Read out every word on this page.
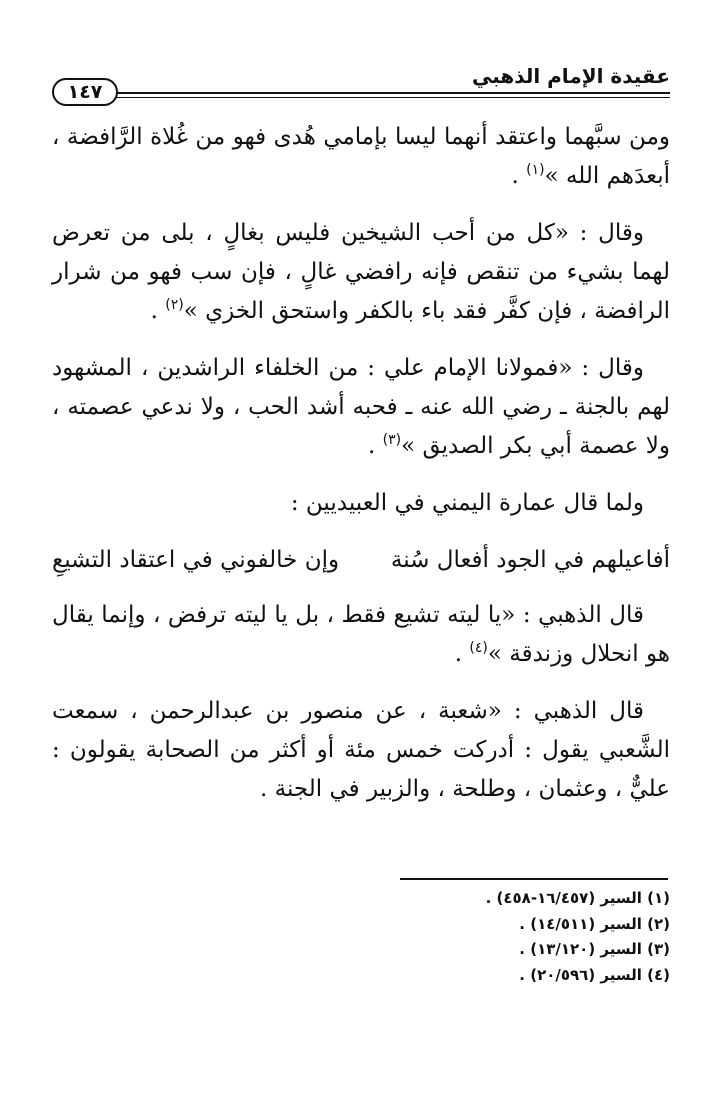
١٤٧
عقيدة الإمام الذهبي

ومن سبَّهما واعتقد أنهما ليسا بإمامي هُدى فهو من غُلاة الرَّافضة ، أبعدَهم الله »$^{(١)}$ .

وقال : «كل من أحب الشيخين فليس بغالٍ ، بلى من تعرض لهما بشيء من تنقص فإنه رافضي غالٍ ، فإن سب فهو من شرار الرافضة ، فإن كفَّر فقد باء بالكفر واستحق الخزي »$^{(٢)}$ .

وقال : «فمولانا الإمام علي : من الخلفاء الراشدين ، المشهود لهم بالجنة ـ رضي الله عنه ـ فحبه أشد الحب ، ولا ندعي عصمته ، ولا عصمة أبي بكر الصديق »$^{(٣)}$ .

ولما قال عمارة اليمني في العبيديين :

أفاعيلهم في الجود أفعال سُنة
وإن خالفوني في اعتقاد التشيعِ

قال الذهبي : «يا ليته تشيع فقط ، بل يا ليته ترفض ، وإنما يقال هو انحلال وزندقة »$^{(٤)}$ .

قال الذهبي : «شعبة ، عن منصور بن عبدالرحمن ، سمعت الشَّعبي يقول : أدركت خمس مئة أو أكثر من الصحابة يقولون : عليٌّ ، وعثمان ، وطلحة ، والزبير في الجنة .

(١) السير (١٦/٤٥٧-٤٥٨) .
(٢) السير (١٤/٥١١) .
(٣) السير (١٣/١٢٠) .
(٤) السير (٢٠/٥٩٦) .
